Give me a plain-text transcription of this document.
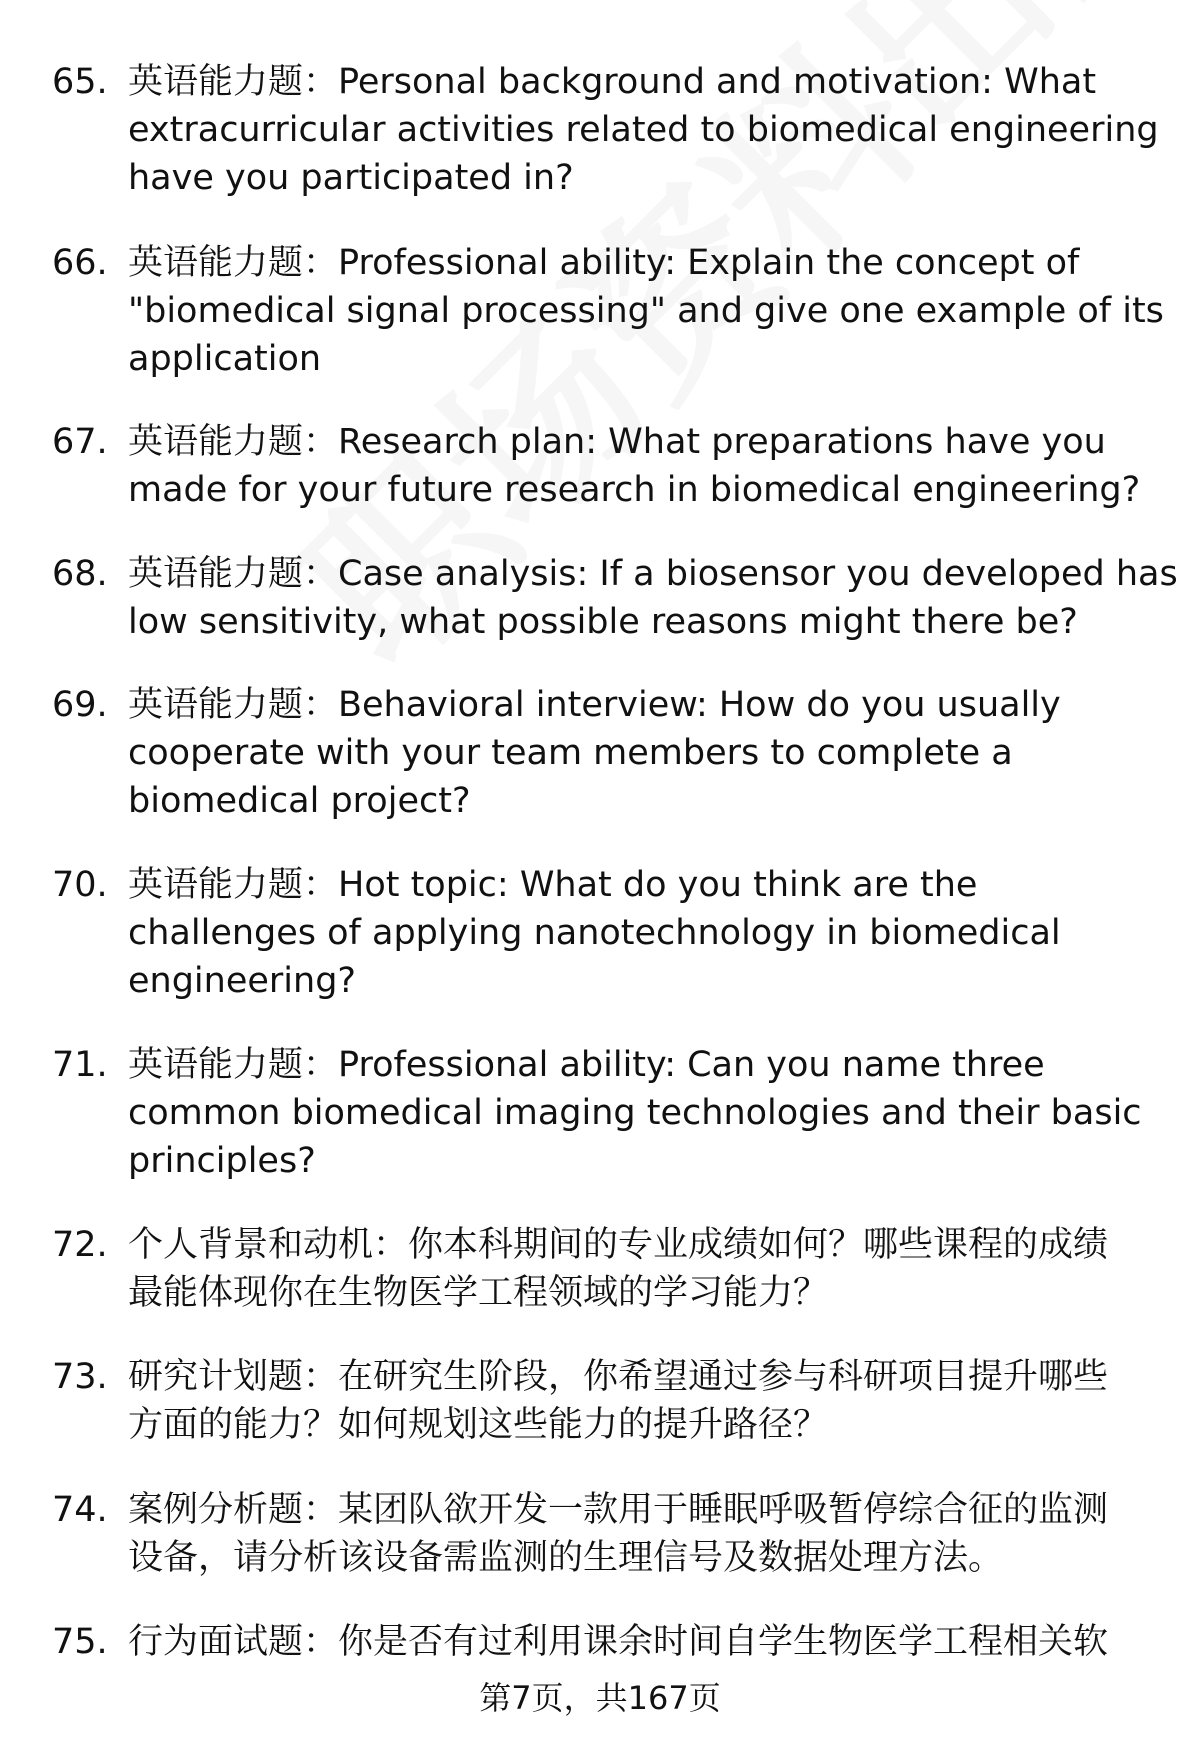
65. 英语能力题：Personal background and motivation: What
extracurricular activities related to biomedical engineering
have you participated in?
66. 英语能力题：Professional ability: Explain the concept of
"biomedical signal processing" and give one example of its
application
67. 英语能力题：Research plan: What preparations have you
made for your future research in biomedical engineering?
68. 英语能力题：Case analysis: If a biosensor you developed has
low sensitivity, what possible reasons might there be?
69. 英语能力题：Behavioral interview: How do you usually
cooperate with your team members to complete a
biomedical project?
70. 英语能力题：Hot topic: What do you think are the
challenges of applying nanotechnology in biomedical
engineering?
71. 英语能力题：Professional ability: Can you name three
common biomedical imaging technologies and their basic
principles?
72. 个人背景和动机：你本科期间的专业成绩如何？哪些课程的成绩
最能体现你在生物医学工程领域的学习能力？
73. 研究计划题：在研究生阶段，你希望通过参与科研项目提升哪些
方面的能力？如何规划这些能力的提升路径？
74. 案例分析题：某团队欲开发一款用于睡眠呼吸暂停综合征的监测
设备，请分析该设备需监测的生理信号及数据处理方法。
75. 行为面试题：你是否有过利用课余时间自学生物医学工程相关软
第7页，共167页
